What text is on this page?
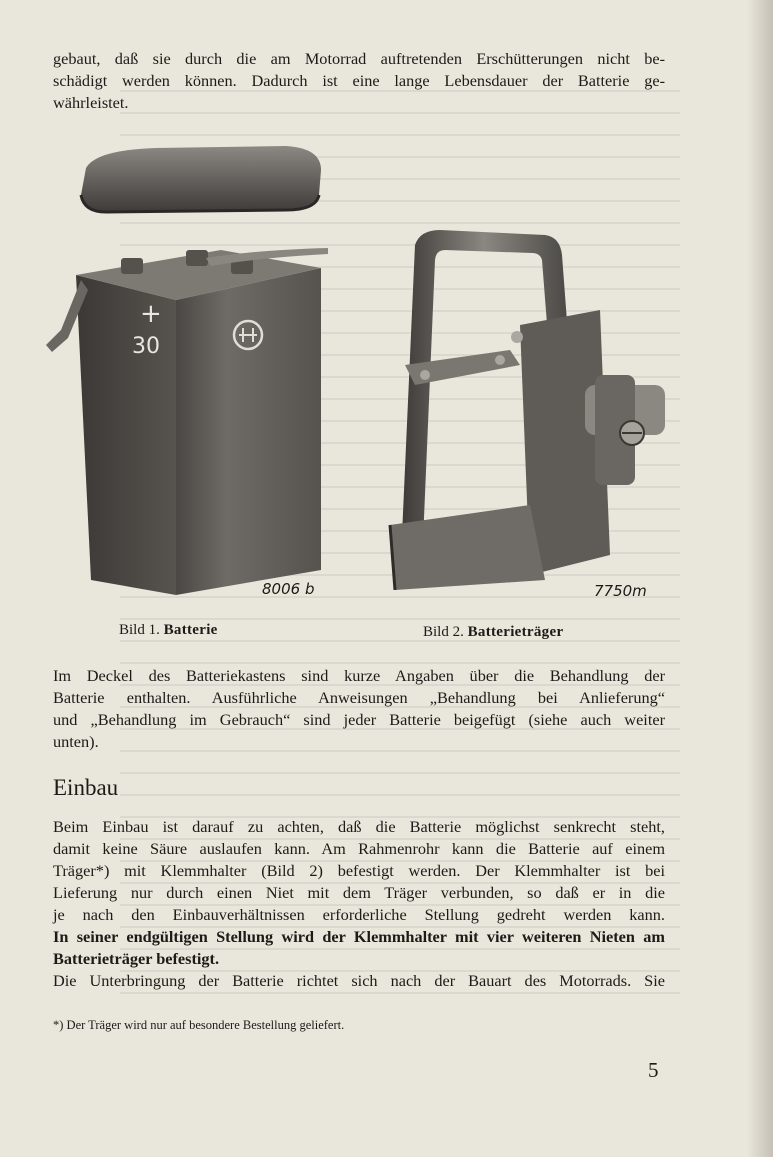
gebaut, daß sie durch die am Motorrad auftretenden Erschütterungen nicht be-
schädigt werden können. Dadurch ist eine lange Lebensdauer der Batterie ge-
währleistet.
+
30
8006 b	7750m
Bild 1. Batterie	Bild 2. Batterieträger
Im Deckel des Batteriekastens sind kurze Angaben über die Behandlung der
Batterie enthalten. Ausführliche Anweisungen „Behandlung bei Anlieferung“
und „Behandlung im Gebrauch“ sind jeder Batterie beigefügt (siehe auch weiter
unten).
Einbau
Beim Einbau ist darauf zu achten, daß die Batterie möglichst senkrecht steht,
damit keine Säure auslaufen kann. Am Rahmenrohr kann die Batterie auf einem
Träger*) mit Klemmhalter (Bild 2) befestigt werden. Der Klemmhalter ist bei
Lieferung nur durch einen Niet mit dem Träger verbunden, so daß er in die
je nach den Einbauverhältnissen erforderliche Stellung gedreht werden kann.
In seiner endgültigen Stellung wird der Klemmhalter mit vier weiteren Nieten am
Batterieträger befestigt.
Die Unterbringung der Batterie richtet sich nach der Bauart des Motorrads. Sie
*) Der Träger wird nur auf besondere Bestellung geliefert.
5
